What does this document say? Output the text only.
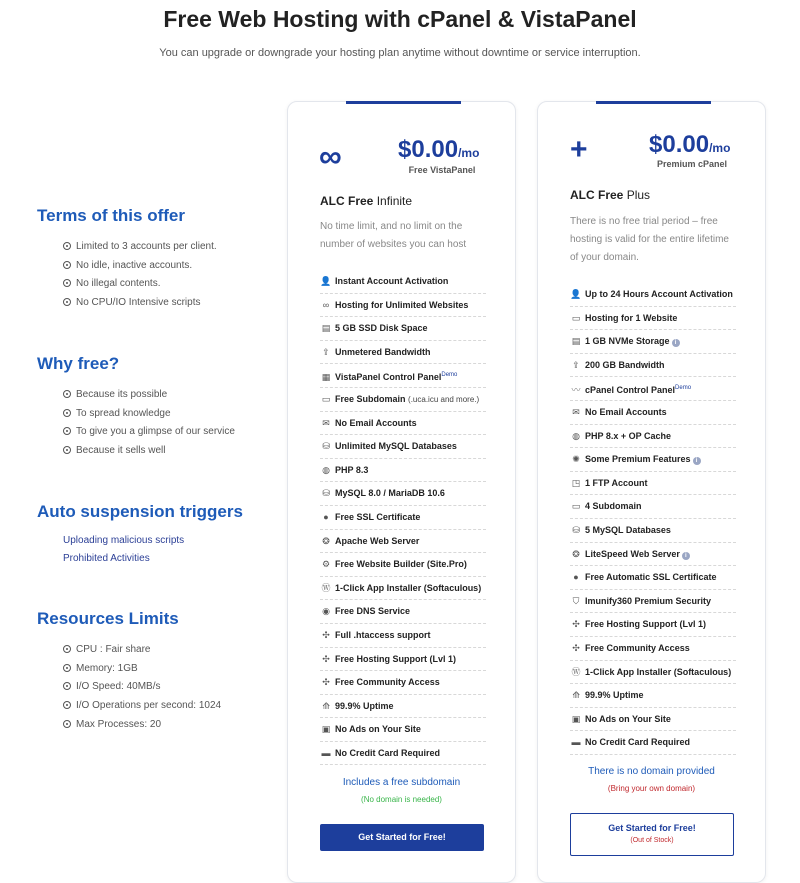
Free Web Hosting with cPanel & VistaPanel
You can upgrade or downgrade your hosting plan anytime without downtime or service interruption.
Terms of this offer
Limited to 3 accounts per client.
No idle, inactive accounts.
No illegal contents.
No CPU/IO Intensive scripts
Why free?
Because its possible
To spread knowledge
To give you a glimpse of our service
Because it sells well
Auto suspension triggers
Uploading malicious scripts
Prohibited Activities
Resources Limits
CPU : Fair share
Memory: 1GB
I/O Speed: 40MB/s
I/O Operations per second: 1024
Max Processes: 20
∞ $0.00/mo
Free VistaPanel
ALC Free Infinite
No time limit, and no limit on the number of websites you can host
👤 Instant Account Activation
∞ Hosting for Unlimited Websites
▤ 5 GB SSD Disk Space
⇪ Unmetered Bandwidth
▦ VistaPanel Control Panel$^{Demo}$
▭ Free Subdomain (.uca.icu and more.)
✉ No Email Accounts
⛁ Unlimited MySQL Databases
◍ PHP 8.3
⛁ MySQL 8.0 / MariaDB 10.6
● Free SSL Certificate
❂ Apache Web Server
⚙ Free Website Builder (Site.Pro)
Ⓦ 1-Click App Installer (Softaculous)
◉ Free DNS Service
✣ Full .htaccess support
✣ Free Hosting Support (Lvl 1)
✣ Free Community Access
⟰ 99.9% Uptime
▣ No Ads on Your Site
▬ No Credit Card Required
Includes a free subdomain
(No domain is needed)
Get Started for Free!
+	$0.00/mo
Premium cPanel
ALC Free Plus
There is no free trial period – free hosting is valid for the entire lifetime of your domain.
👤 Up to 24 Hours Account Activation
▭ Hosting for 1 Website
▤ 1 GB NVMe Storage i
⇪ 200 GB Bandwidth
〰 cPanel Control Panel$^{Demo}$
✉ No Email Accounts
◍ PHP 8.x + OP Cache
✺ Some Premium Features i
◳ 1 FTP Account
▭ 4 Subdomain
⛁ 5 MySQL Databases
❂ LiteSpeed Web Server i
● Free Automatic SSL Certificate
⛉ Imunify360 Premium Security
✣ Free Hosting Support (Lvl 1)
✣ Free Community Access
Ⓦ 1-Click App Installer (Softaculous)
⟰ 99.9% Uptime
▣ No Ads on Your Site
▬ No Credit Card Required
There is no domain provided
(Bring your own domain)
Get Started for Free!
(Out of Stock)
